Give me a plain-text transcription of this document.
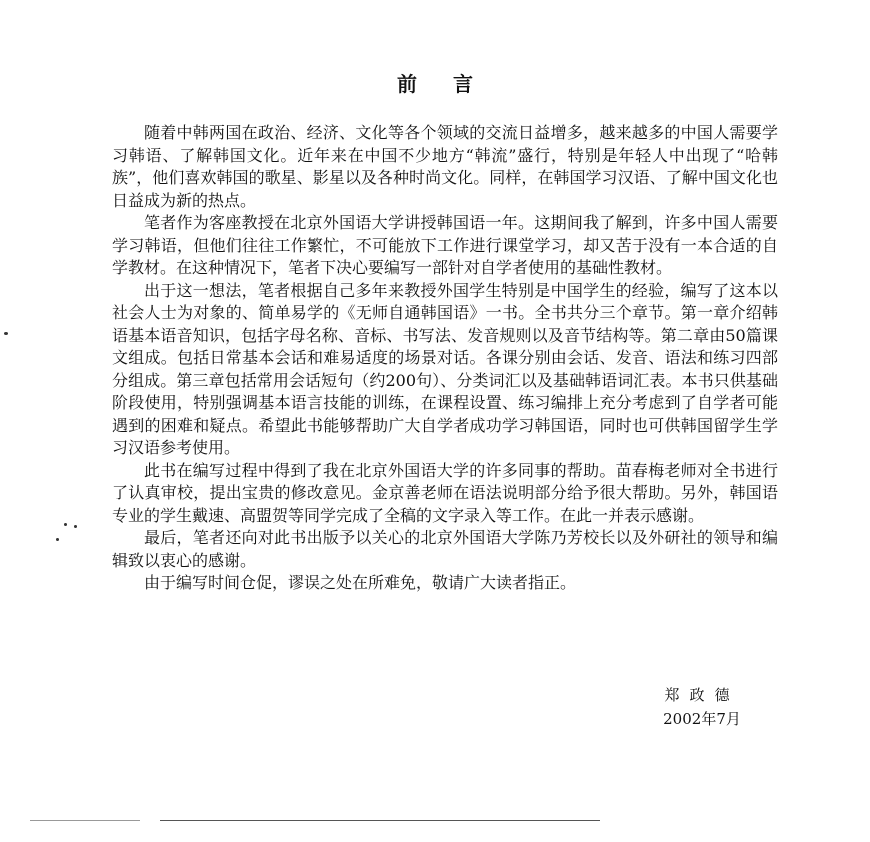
前言

随着中韩两国在政治、经济、文化等各个领域的交流日益增多，越来越多的中国人需要学习韩语、了解韩国文化。近年来在中国不少地方“韩流”盛行，特别是年轻人中出现了“哈韩族”，他们喜欢韩国的歌星、影星以及各种时尚文化。同样，在韩国学习汉语、了解中国文化也日益成为新的热点。

笔者作为客座教授在北京外国语大学讲授韩国语一年。这期间我了解到，许多中国人需要学习韩语，但他们往往工作繁忙，不可能放下工作进行课堂学习，却又苦于没有一本合适的自学教材。在这种情况下，笔者下决心要编写一部针对自学者使用的基础性教材。

出于这一想法，笔者根据自己多年来教授外国学生特别是中国学生的经验，编写了这本以社会人士为对象的、简单易学的《无师自通韩国语》一书。全书共分三个章节。第一章介绍韩语基本语音知识，包括字母名称、音标、书写法、发音规则以及音节结构等。第二章由50篇课文组成。包括日常基本会话和难易适度的场景对话。各课分别由会话、发音、语法和练习四部分组成。第三章包括常用会话短句（约200句）、分类词汇以及基础韩语词汇表。本书只供基础阶段使用，特别强调基本语言技能的训练，在课程设置、练习编排上充分考虑到了自学者可能遇到的困难和疑点。希望此书能够帮助广大自学者成功学习韩国语，同时也可供韩国留学生学习汉语参考使用。

此书在编写过程中得到了我在北京外国语大学的许多同事的帮助。苗春梅老师对全书进行了认真审校，提出宝贵的修改意见。金京善老师在语法说明部分给予很大帮助。另外，韩国语专业的学生戴速、高盟贺等同学完成了全稿的文字录入等工作。在此一并表示感谢。

最后，笔者还向对此书出版予以关心的北京外国语大学陈乃芳校长以及外研社的领导和编辑致以衷心的感谢。

由于编写时间仓促，谬误之处在所难免，敬请广大读者指正。

郑政德
2002年7月
